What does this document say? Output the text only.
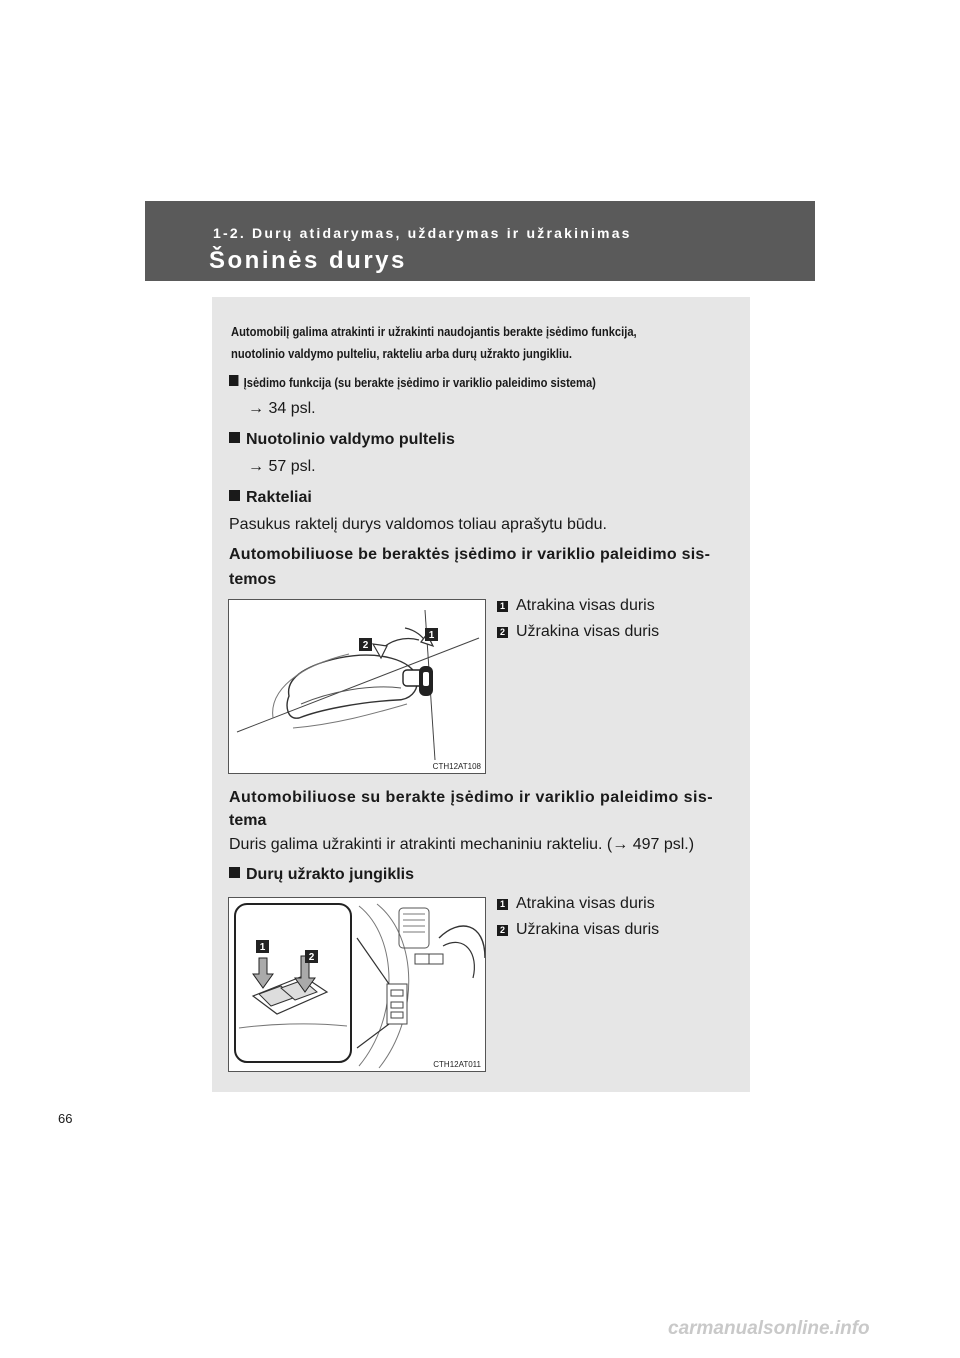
1-2. Durų atidarymas, uždarymas ir užrakinimas
Šoninės durys
Automobilį galima atrakinti ir užrakinti naudojantis berakte įsėdimo funkcija,
nuotolinio valdymo pulteliu, rakteliu arba durų užrakto jungikliu.
Įsėdimo funkcija (su berakte įsėdimo ir variklio paleidimo sistema)
→ 34 psl.
Nuotolinio valdymo pultelis
→ 57 psl.
Rakteliai
Pasukus raktelį durys valdomos toliau aprašytu būdu.
Automobiliuose be beraktės įsėdimo ir variklio paleidimo sis-
temos
1 Atrakina visas duris
2 Užrakina visas duris
2
1
CTH12AT108
Automobiliuose su berakte įsėdimo ir variklio paleidimo sis-
tema
Duris galima užrakinti ir atrakinti mechaniniu rakteliu. (→ 497 psl.)
Durų užrakto jungiklis
1 Atrakina visas duris
2 Užrakina visas duris
1
2
CTH12AT011
66
carmanualsonline.info
